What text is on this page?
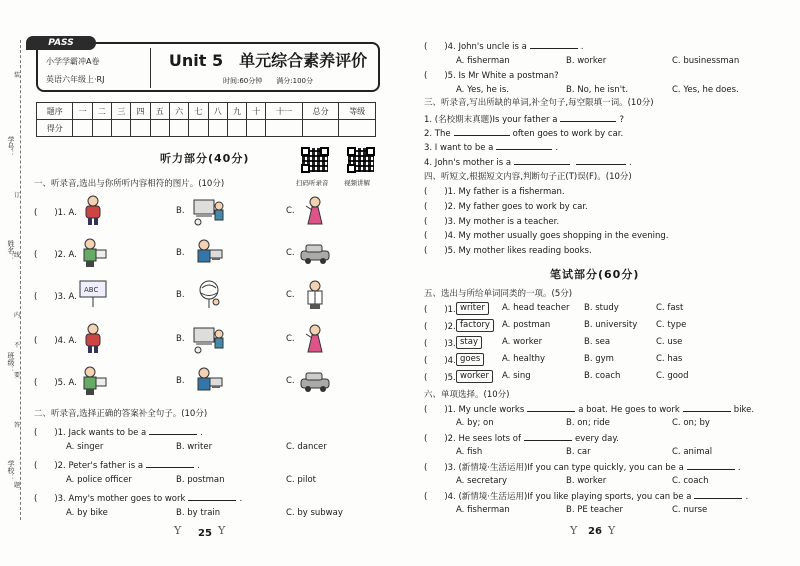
学号：
姓名：
班级：
学校：
装
订
线
内
不
要
答
题
小学学霸冲A卷
英语六年级上·RJ
Unit 5　单元综合素养评价
时间:60分钟　　满分:100分
PASS
题序	一	二	三	四	五	六	七	八	九	十	十一	总分	等级
得分													
听力部分(40分)
扫码听录音 视频讲解
一、听录音,选出与你所听内容相符的图片。(10分)
(　　)1. A.	B.	C.
(　　)2. A.	B.	C.
(　　)3. A.	B.	C.
ABC
(　　)4. A.	B.	C.
(　　)5. A.	B.	C.
二、听录音,选择正确的答案补全句子。(10分)
(　　)1. Jack wants to be a	.
A. singer	B. writer	C. dancer
(　　)2. Peter's father is a	.
A. police officer	B. postman	C. pilot
(　　)3. Amy's mother goes to work	.
A. by bike	B. by train	C. by subway
Y 25 Y
(　　)4. John's uncle is a	.
A. fisherman	B. worker	C. businessman
(　　)5. Is Mr White a postman?
A. Yes, he is.	B. No, he isn't.	C. Yes, he does.
三、听录音,写出所缺的单词,补全句子,每空限填一词。(10分)
1. (名校期末真题)Is your father a	?
2. The	often goes to work by car.
3. I want to be a	.
4. John's mother is a	.
四、听短文,根据短文内容,判断句子正(T)误(F)。(10分)
(　　)1. My father is a fisherman.
(　　)2. My father goes to work by car.
(　　)3. My mother is a teacher.
(　　)4. My mother usually goes shopping in the evening.
(　　)5. My mother likes reading books.
笔试部分(60分)
五、选出与所给单词同类的一项。(5分)
(　　)1. writer	A. head teacher B. study	C. fast
(　　)2. factory	A. postman	B. university C. type
(　　)3. stay	A. worker	B. sea	C. use
(　　)4. goes	A. healthy	B. gym	C. has
(　　)5. worker	A. sing	B. coach	C. good
六、单项选择。(10分)
(　　)1. My uncle works	a boat. He goes to work	bike.
A. by; on	B. on; ride	C. on; by
(　　)2. He sees lots of	every day.
A. fish	B. car	C. animal
(　　)3. (新情境·生活运用)If you can type quickly, you can be a	.
A. secretary	B. worker	C. coach
(　　)4. (新情境·生活运用)If you like playing sports, you can be a	.
A. fisherman	B. PE teacher	C. nurse
Y 26 Y
